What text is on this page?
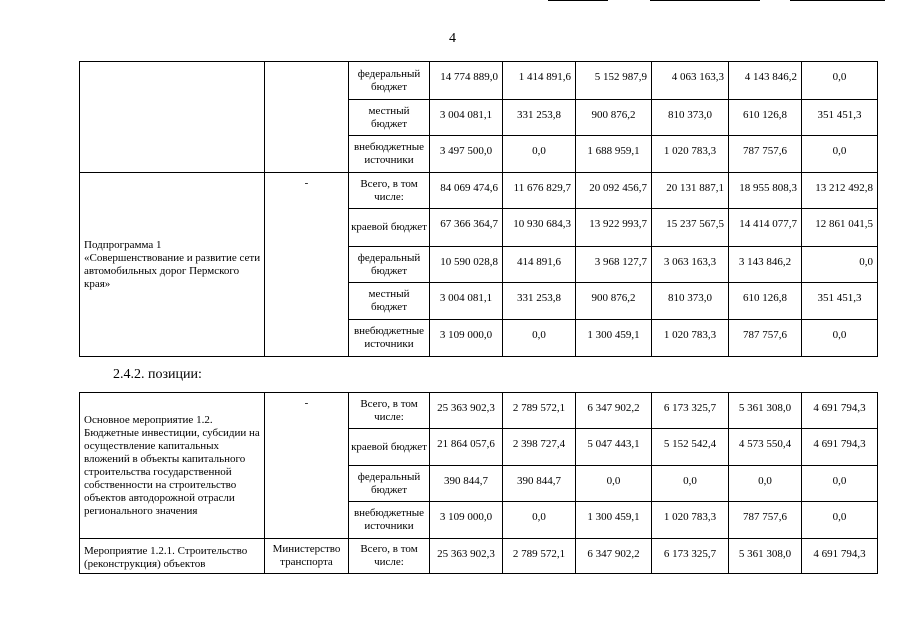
4
		федеральный бюджет	14 774 889,0	1 414 891,6	5 152 987,9	4 063 163,3	4 143 846,2	0,0
		местный бюджет	3 004 081,1	331 253,8	900 876,2	810 373,0	610 126,8	351 451,3
		внебюджетные источники	3 497 500,0	0,0	1 688 959,1	1 020 783,3	787 757,6	0,0
Подпрограмма 1 «Совершенствование и развитие сети автомобильных дорог Пермского края»	-	Всего, в том числе:	84 069 474,6	11 676 829,7	20 092 456,7	20 131 887,1	18 955 808,3	13 212 492,8
		краевой бюджет	67 366 364,7	10 930 684,3	13 922 993,7	15 237 567,5	14 414 077,7	12 861 041,5
		федеральный бюджет	10 590 028,8	414 891,6	3 968 127,7	3 063 163,3	3 143 846,2	0,0
		местный бюджет	3 004 081,1	331 253,8	900 876,2	810 373,0	610 126,8	351 451,3
		внебюджетные источники	3 109 000,0	0,0	1 300 459,1	1 020 783,3	787 757,6	0,0
2.4.2. позиции:
Основное мероприятие 1.2. Бюджетные инвестиции, субсидии на осуществление капитальных вложений в объекты капитального строительства государственной собственности на строительство объектов автодорожной отрасли регионального значения	-	Всего, в том числе:	25 363 902,3	2 789 572,1	6 347 902,2	6 173 325,7	5 361 308,0	4 691 794,3
		краевой бюджет	21 864 057,6	2 398 727,4	5 047 443,1	5 152 542,4	4 573 550,4	4 691 794,3
		федеральный бюджет	390 844,7	390 844,7	0,0	0,0	0,0	0,0
		внебюджетные источники	3 109 000,0	0,0	1 300 459,1	1 020 783,3	787 757,6	0,0
Мероприятие 1.2.1. Строительство (реконструкция) объектов	Министерство транспорта	Всего, в том числе:	25 363 902,3	2 789 572,1	6 347 902,2	6 173 325,7	5 361 308,0	4 691 794,3
